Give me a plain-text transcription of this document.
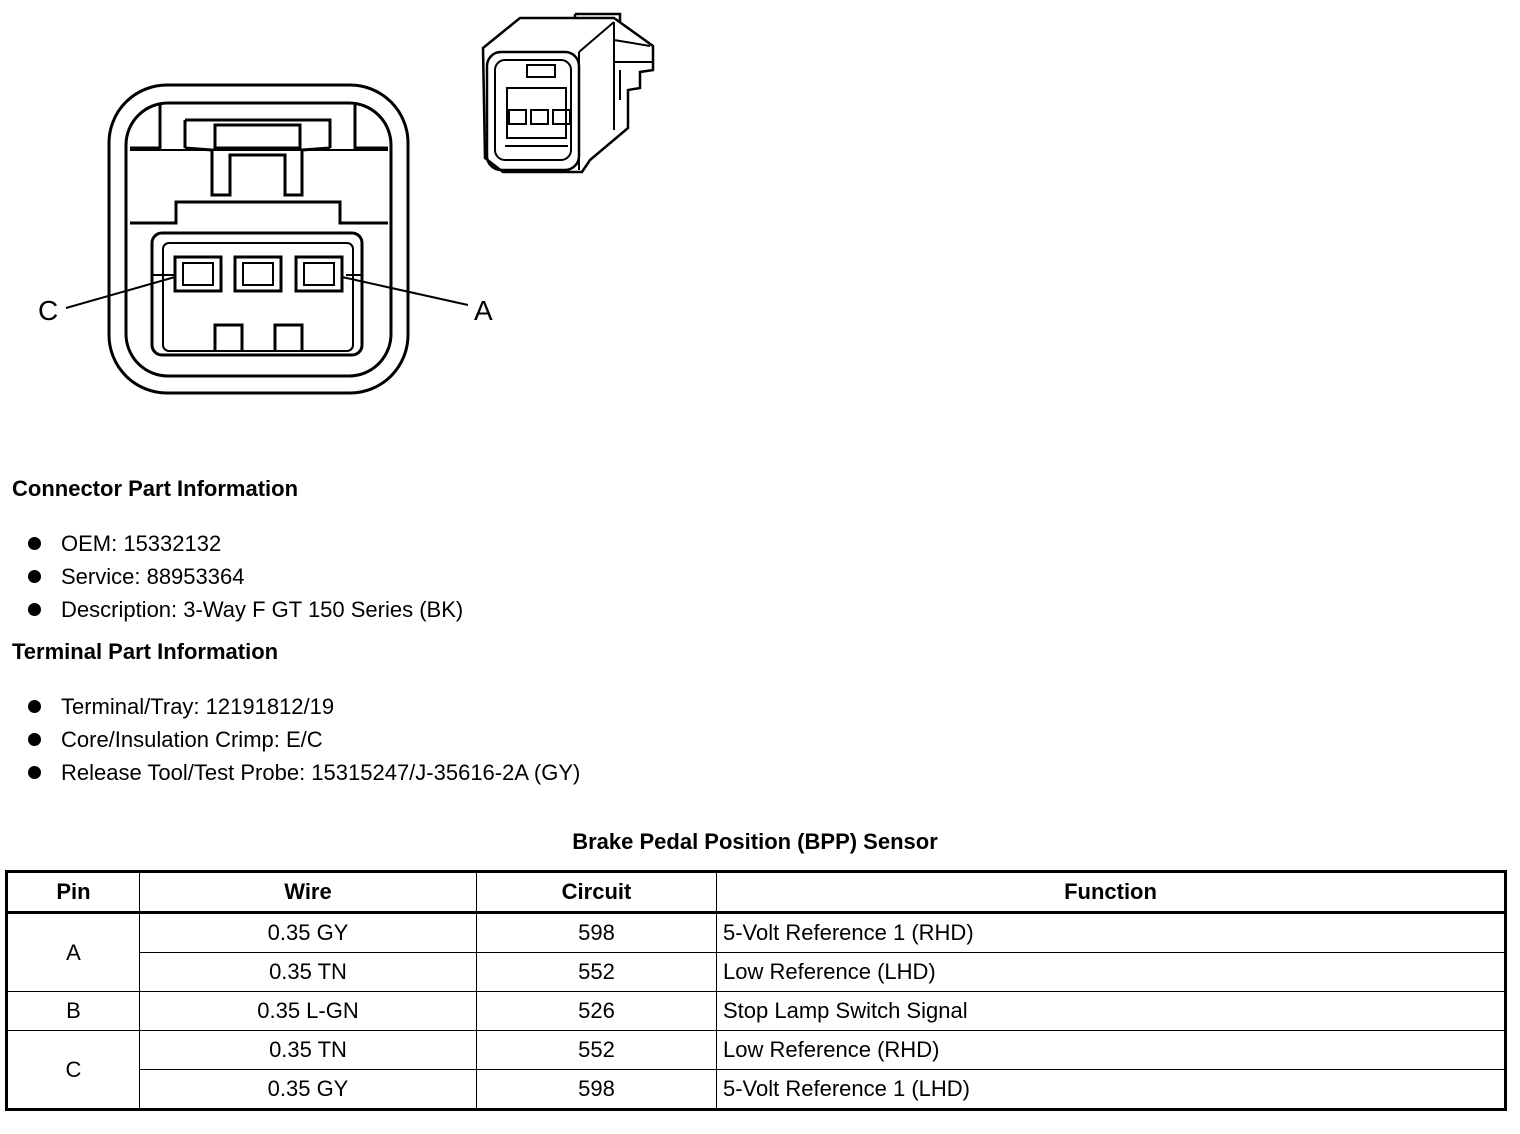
C	A
Connector Part Information
OEM: 15332132
Service: 88953364
Description: 3-Way F GT 150 Series (BK)
Terminal Part Information
Terminal/Tray: 12191812/19
Core/Insulation Crimp: E/C
Release Tool/Test Probe: 15315247/J-35616-2A (GY)
Brake Pedal Position (BPP) Sensor
Pin	Wire	Circuit	Function
A	0.35 GY	598	5-Volt Reference 1 (RHD)
	0.35 TN	552	Low Reference (LHD)
B	0.35 L-GN	526	Stop Lamp Switch Signal
C	0.35 TN	552	Low Reference (RHD)
	0.35 GY	598	5-Volt Reference 1 (LHD)
